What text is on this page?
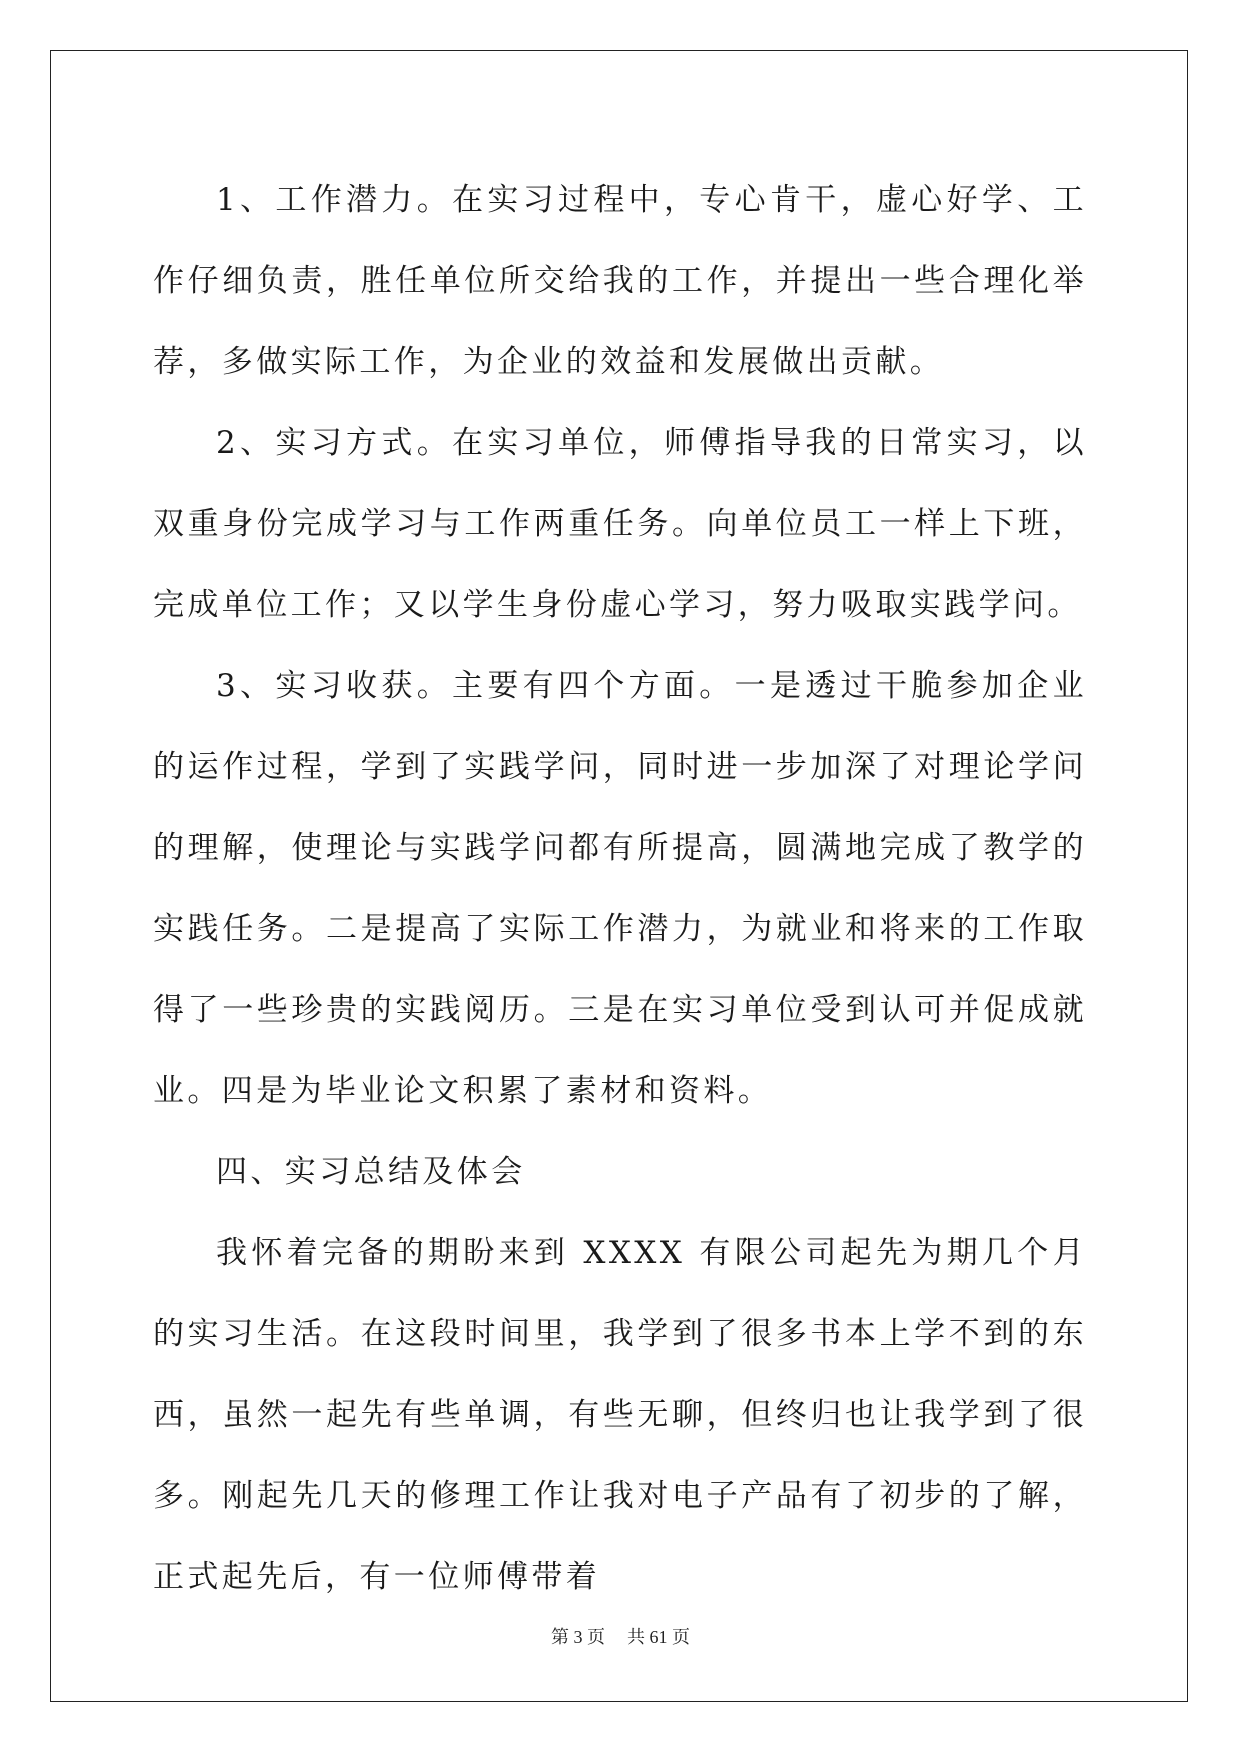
1、工作潜力。在实习过程中，专心肯干，虚心好学、工作仔细负责，胜任单位所交给我的工作，并提出一些合理化举荐，多做实际工作，为企业的效益和发展做出贡献。

2、实习方式。在实习单位，师傅指导我的日常实习，以双重身份完成学习与工作两重任务。向单位员工一样上下班，完成单位工作；又以学生身份虚心学习，努力吸取实践学问。

3、实习收获。主要有四个方面。一是透过干脆参加企业的运作过程，学到了实践学问，同时进一步加深了对理论学问的理解，使理论与实践学问都有所提高，圆满地完成了教学的实践任务。二是提高了实际工作潜力，为就业和将来的工作取得了一些珍贵的实践阅历。三是在实习单位受到认可并促成就业。四是为毕业论文积累了素材和资料。

四、实习总结及体会

我怀着完备的期盼来到 XXXX 有限公司起先为期几个月的实习生活。在这段时间里，我学到了很多书本上学不到的东西，虽然一起先有些单调，有些无聊，但终归也让我学到了很多。刚起先几天的修理工作让我对电子产品有了初步的了解，正式起先后，有一位师傅带着

第 3 页 共 61 页
